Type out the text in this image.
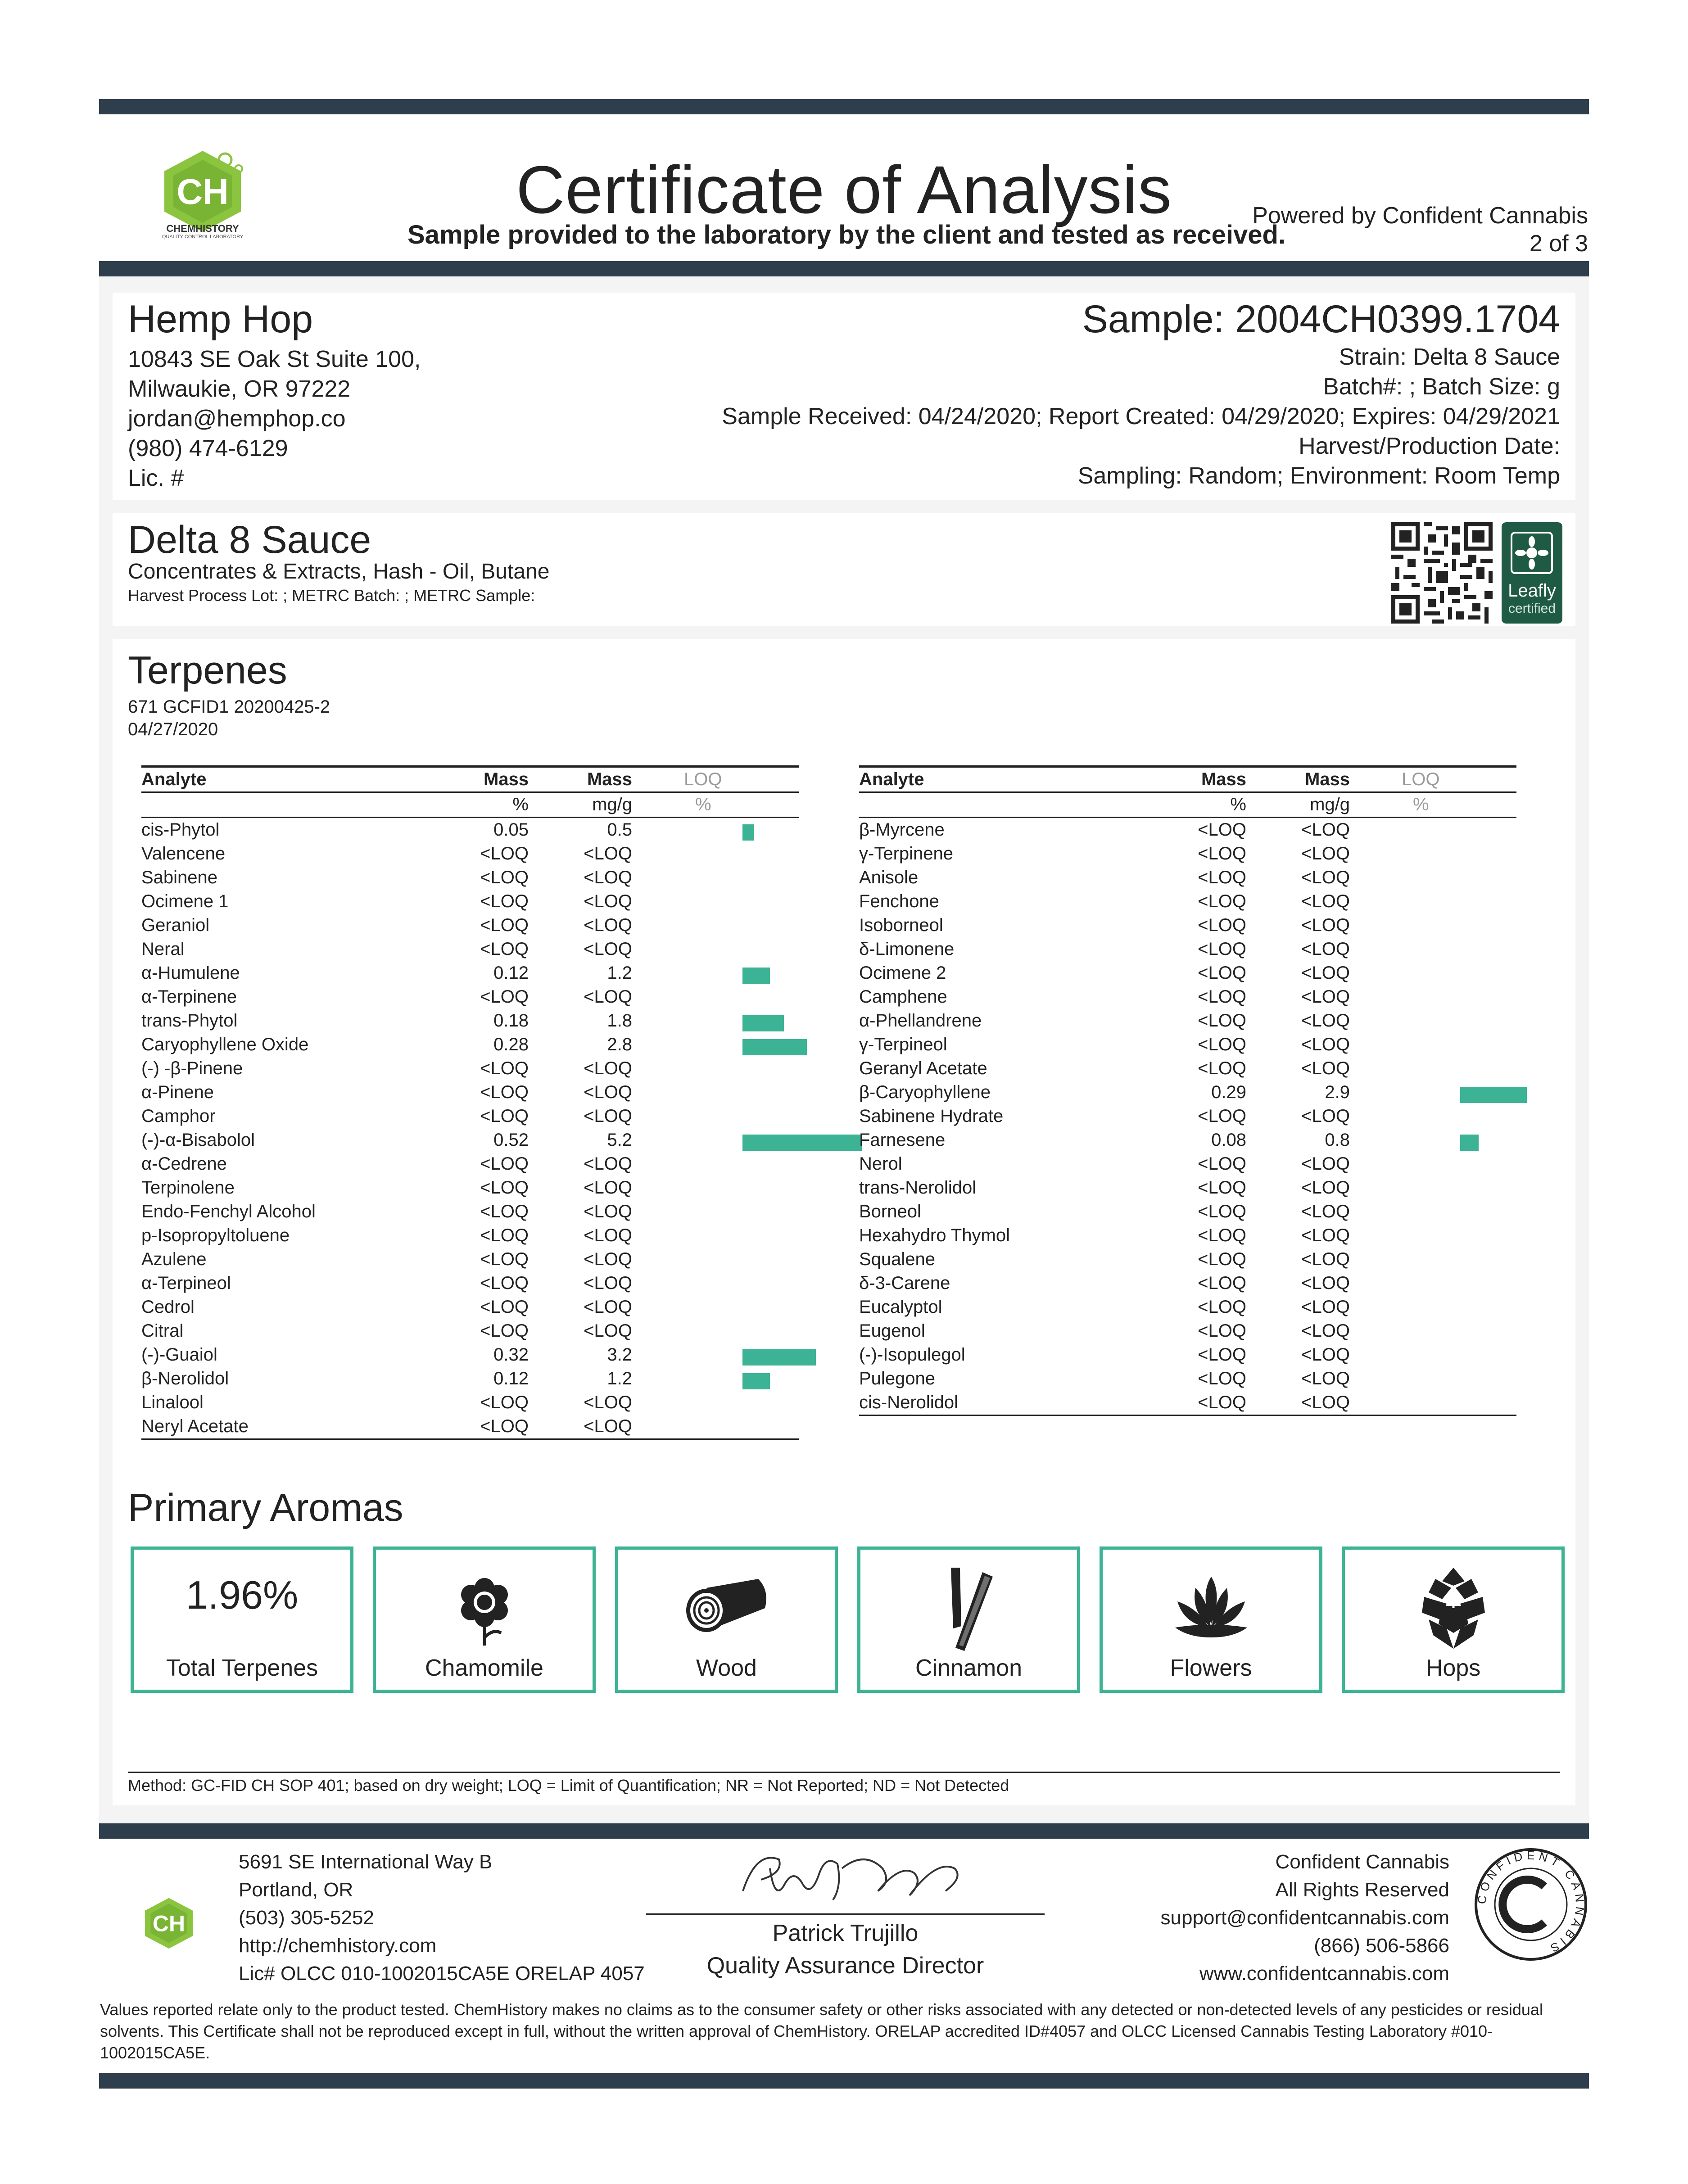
CH
CHEMHISTORY
QUALITY CONTROL LABORATORY
Certificate of Analysis
Sample provided to the laboratory by the client and tested as received.
Powered by Confident Cannabis
2 of 3
Hemp Hop
10843 SE Oak St Suite 100,
Milwaukie, OR 97222
jordan@hemphop.co
(980) 474-6129
Lic. #
Sample: 2004CH0399.1704
Strain: Delta 8 Sauce
Batch#: ; Batch Size: g
Sample Received: 04/24/2020; Report Created: 04/29/2020; Expires: 04/29/2021
Harvest/Production Date:
Sampling: Random; Environment: Room Temp
Delta 8 Sauce
Concentrates & Extracts, Hash - Oil, Butane
Harvest Process Lot: ; METRC Batch: ; METRC Sample:	Leafly
certified
Terpenes
671 GCFID1 20200425-2
04/27/2020
Analyte	Mass	Mass	LOQ
	%	mg/g	%
cis-Phytol	0.05	0.5	

Valencene	<LOQ	<LOQ	
Sabinene	<LOQ	<LOQ	
Ocimene 1	<LOQ	<LOQ	
Geraniol	<LOQ	<LOQ	
Neral	<LOQ	<LOQ	
α-Humulene	0.12	1.2	

α-Terpinene	<LOQ	<LOQ	
trans-Phytol	0.18	1.8	

Caryophyllene Oxide	0.28	2.8	

(-) -β-Pinene	<LOQ	<LOQ	
α-Pinene	<LOQ	<LOQ	
Camphor	<LOQ	<LOQ	
(-)-α-Bisabolol	0.52	5.2	

α-Cedrene	<LOQ	<LOQ	
Terpinolene	<LOQ	<LOQ	
Endo-Fenchyl Alcohol	<LOQ	<LOQ	
p-Isopropyltoluene	<LOQ	<LOQ	
Azulene	<LOQ	<LOQ	
α-Terpineol	<LOQ	<LOQ	
Cedrol	<LOQ	<LOQ	
Citral	<LOQ	<LOQ	
(-)-Guaiol	0.32	3.2	

β-Nerolidol	0.12	1.2	

Linalool	<LOQ	<LOQ	
Neryl Acetate	<LOQ	<LOQ	
Analyte	Mass	Mass	LOQ
	%	mg/g	%
β-Myrcene	<LOQ	<LOQ	
γ-Terpinene	<LOQ	<LOQ	
Anisole	<LOQ	<LOQ	
Fenchone	<LOQ	<LOQ	
Isoborneol	<LOQ	<LOQ	
δ-Limonene	<LOQ	<LOQ	
Ocimene 2	<LOQ	<LOQ	
Camphene	<LOQ	<LOQ	
α-Phellandrene	<LOQ	<LOQ	
γ-Terpineol	<LOQ	<LOQ	
Geranyl Acetate	<LOQ	<LOQ	
β-Caryophyllene	0.29	2.9	

Sabinene Hydrate	<LOQ	<LOQ	
Farnesene	0.08	0.8	

Nerol	<LOQ	<LOQ	
trans-Nerolidol	<LOQ	<LOQ	
Borneol	<LOQ	<LOQ	
Hexahydro Thymol	<LOQ	<LOQ	
Squalene	<LOQ	<LOQ	
δ-3-Carene	<LOQ	<LOQ	
Eucalyptol	<LOQ	<LOQ	
Eugenol	<LOQ	<LOQ	
(-)-Isopulegol	<LOQ	<LOQ	
Pulegone	<LOQ	<LOQ	
cis-Nerolidol	<LOQ	<LOQ	
Primary Aromas
1.96%
Total Terpenes	Chamomile	Wood	Cinnamon	Flowers	Hops
Method: GC-FID CH SOP 401; based on dry weight; LOQ = Limit of Quantification; NR = Not Reported; ND = Not Detected
CH
5691 SE International Way B
Portland, OR
(503) 305-5252
http://chemhistory.com
Lic# OLCC 010-1002015CA5E ORELAP 4057
Patrick Trujillo
Quality Assurance Director
Confident Cannabis
All Rights Reserved
support@confidentcannabis.com
(866) 506-5866
www.confidentcannabis.com
CONFIDENT CANNABIS
Values reported relate only to the product tested. ChemHistory makes no claims as to the consumer safety or other risks associated with any detected or non-detected levels of any pesticides or residual solvents. This Certificate shall not be reproduced except in full, without the written approval of ChemHistory. ORELAP accredited ID#4057 and OLCC Licensed Cannabis Testing Laboratory #010-1002015CA5E.
